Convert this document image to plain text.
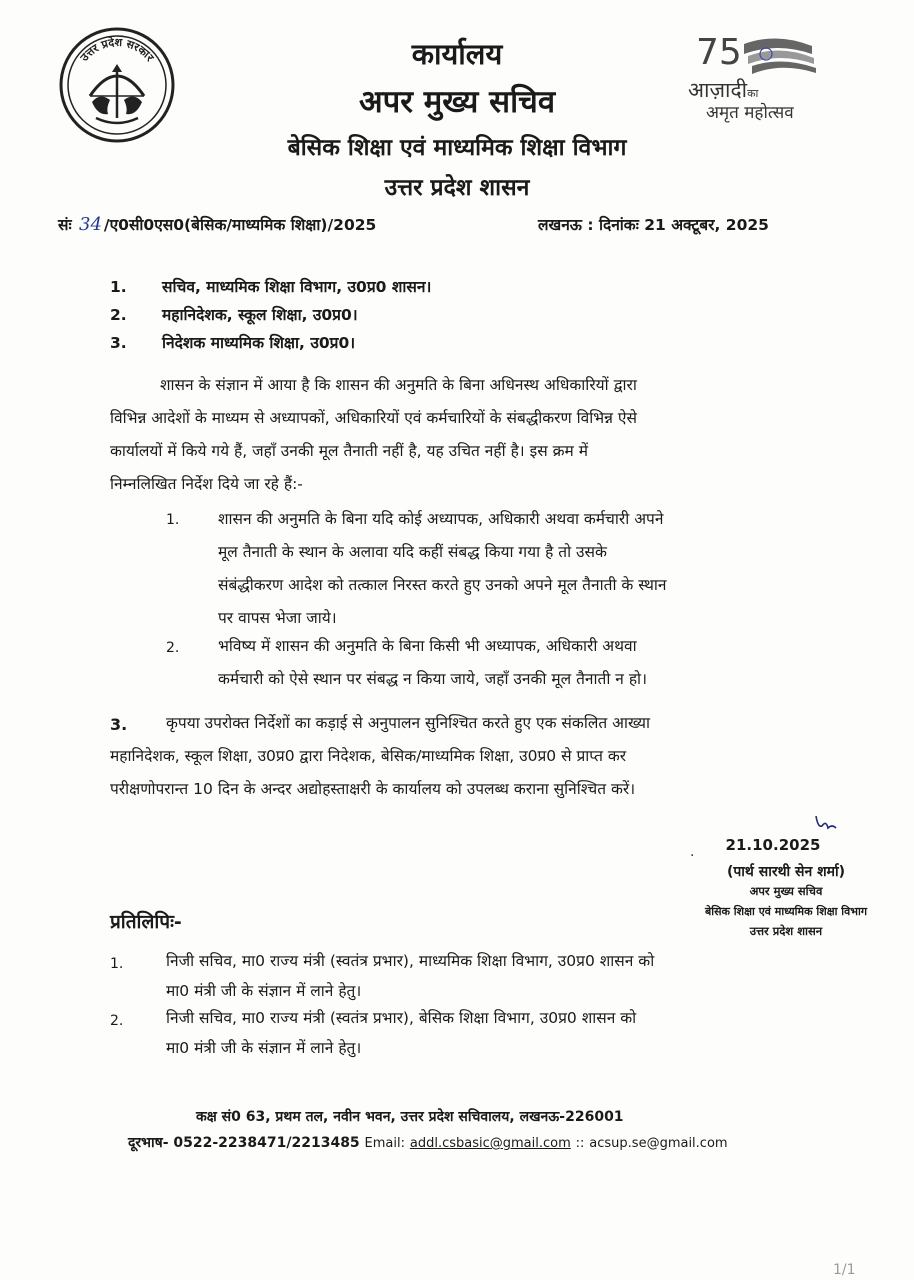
उत्तर प्रदेश सरकार	कार्यालय
अपर मुख्य सचिव
बेसिक शिक्षा एवं माध्यमिक शिक्षा विभाग
उत्तर प्रदेश शासन
75
आज़ादीका
अमृत महोत्सव
संः 34 /ए0सी0एस0(बेसिक/माध्यमिक शिक्षा)/2025	लखनऊ : दिनांकः 21 अक्टूबर, 2025
1. सचिव, माध्यमिक शिक्षा विभाग, उ0प्र0 शासन।
2. महानिदेशक, स्कूल शिक्षा, उ0प्र0।
3. निदेशक माध्यमिक शिक्षा, उ0प्र0।
शासन के संज्ञान में आया है कि शासन की अनुमति के बिना अधिनस्थ अधिकारियों द्वारा
विभिन्न आदेशों के माध्यम से अध्यापकों, अधिकारियों एवं कर्मचारियों के संबद्धीकरण विभिन्न ऐसे
कार्यालयों में किये गये हैं, जहाँ उनकी मूल तैनाती नहीं है, यह उचित नहीं है। इस क्रम में
निम्नलिखित निर्देश दिये जा रहे हैं:-
1. शासन की अनुमति के बिना यदि कोई अध्यापक, अधिकारी अथवा कर्मचारी अपने
मूल तैनाती के स्थान के अलावा यदि कहीं संबद्ध किया गया है तो उसके
संबंद्धीकरण आदेश को तत्काल निरस्त करते हुए उनको अपने मूल तैनाती के स्थान
पर वापस भेजा जाये।
2. भविष्य में शासन की अनुमति के बिना किसी भी अध्यापक, अधिकारी अथवा
कर्मचारी को ऐसे स्थान पर संबद्ध न किया जाये, जहाँ उनकी मूल तैनाती न हो।
3.	कृपया उपरोक्त निर्देशों का कड़ाई से अनुपालन सुनिश्चित करते हुए एक संकलित आख्या
महानिदेशक, स्कूल शिक्षा, उ0प्र0 द्वारा निदेशक, बेसिक/माध्यमिक शिक्षा, उ0प्र0 से प्राप्त कर
परीक्षणोपरान्त 10 दिन के अन्दर अद्योहस्ताक्षरी के कार्यालय को उपलब्ध कराना सुनिश्चित करें।
21.10.2025
·
(पार्थ सारथी सेन शर्मा)
अपर मुख्य सचिव
बेसिक शिक्षा एवं माध्यमिक शिक्षा विभाग
उत्तर प्रदेश शासन
प्रतिलिपिः-
1.	निजी सचिव, मा0 राज्य मंत्री (स्वतंत्र प्रभार), माध्यमिक शिक्षा विभाग, उ0प्र0 शासन को
मा0 मंत्री जी के संज्ञान में लाने हेतु।
2.	निजी सचिव, मा0 राज्य मंत्री (स्वतंत्र प्रभार), बेसिक शिक्षा विभाग, उ0प्र0 शासन को
मा0 मंत्री जी के संज्ञान में लाने हेतु।
कक्ष सं0 63, प्रथम तल, नवीन भवन, उत्तर प्रदेश सचिवालय, लखनऊ-226001
दूरभाष- 0522-2238471/2213485 Email: addl.csbasic@gmail.com :: acsup.se@gmail.com
1/1
